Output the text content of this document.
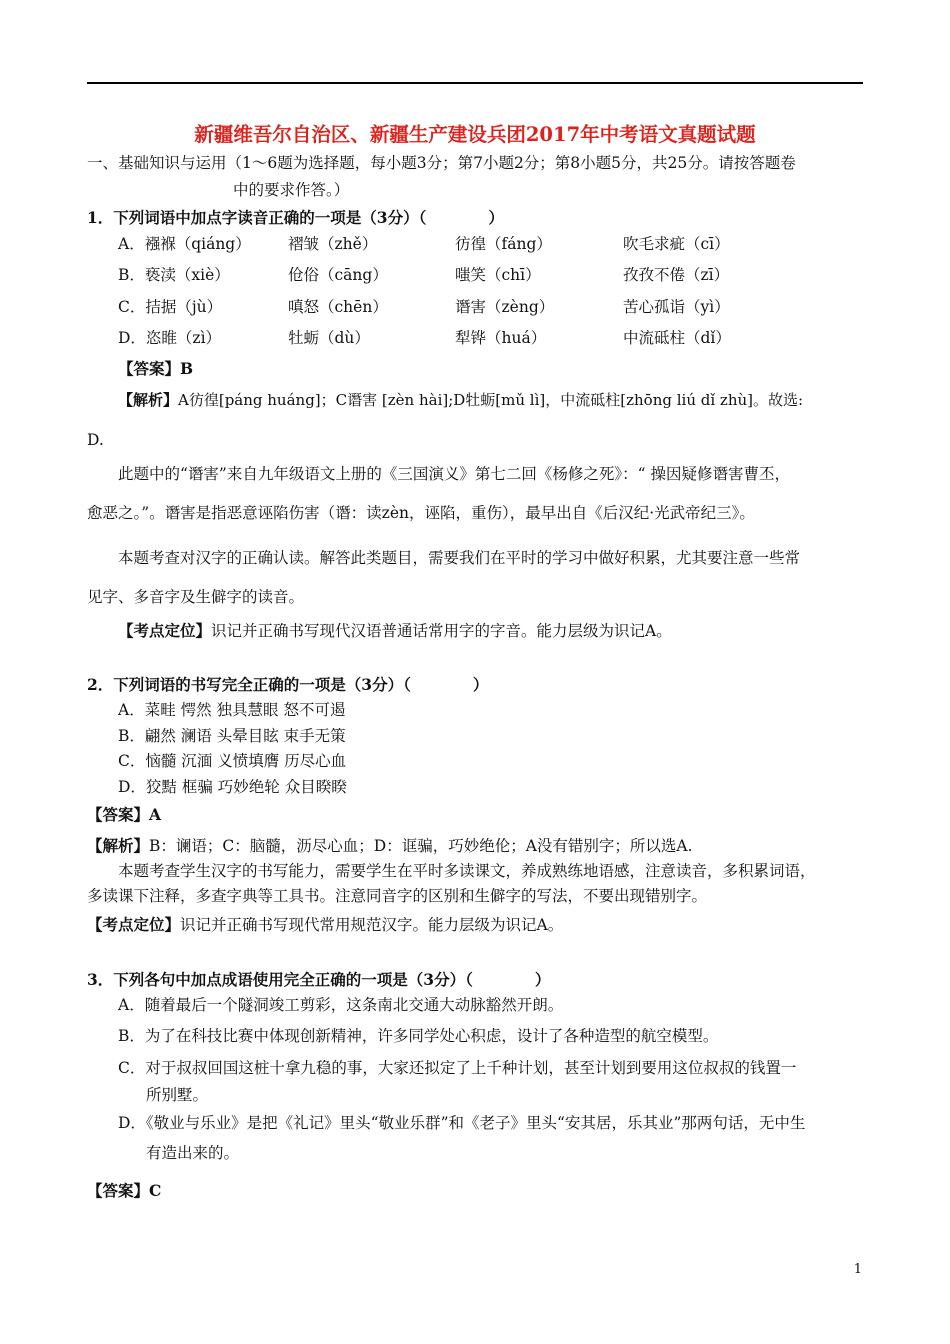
新疆维吾尔自治区、新疆生产建设兵团2017年中考语文真题试题
一、基础知识与运用（1～6题为选择题，每小题3分；第7小题2分；第8小题5分，共25分。请按答题卷
中的要求作答。）
1．下列词语中加点字读音正确的一项是（3分）（　　　　）
A．襁褓（qiáng） 褶皱（zhě）	彷徨（fáng）	吹毛求疵（cī）
B．亵渎（xiè）	伧俗（cāng）	嗤笑（chī）	孜孜不倦（zī）
C．拮据（jù）	嗔怒（chēn）	谮害（zèng）	苦心孤诣（yì）
D．恣睢（zì）	牡蛎（dù）	犁铧（huá）	中流砥柱（dǐ）
【答案】B
【解析】A彷徨[páng huáng]；C谮害 [zèn hài];D牡蛎[mǔ lì]，中流砥柱[zhōng liú dǐ zhù]。故选:
D.
此题中的“谮害”来自九年级语文上册的《三国演义》第七二回《杨修之死》：“ 操因疑修谮害曹丕，
愈恶之。”。谮害是指恶意诬陷伤害（谮：读zèn，诬陷，重伤），最早出自《后汉纪·光武帝纪三》。
本题考查对汉字的正确认读。解答此类题目，需要我们在平时的学习中做好积累，尤其要注意一些常
见字、多音字及生僻字的读音。
【考点定位】识记并正确书写现代汉语普通话常用字的字音。能力层级为识记A。
2．下列词语的书写完全正确的一项是（3分）（　　　　）
A．菜畦 愕然 独具慧眼 怒不可遏
B．翩然 澜语 头晕目眩 束手无策
C．恼髓 沉湎 义愤填膺 历尽心血
D．狡黠 框骗 巧妙绝轮 众目睽睽
【答案】A
【解析】B：谰语；C：脑髓，沥尽心血；D：诓骗，巧妙绝伦；A没有错别字；所以选A.
本题考查学生汉字的书写能力，需要学生在平时多读课文，养成熟练地语感，注意读音，多积累词语，
多读课下注释，多查字典等工具书。注意同音字的区别和生僻字的写法，不要出现错别字。
【考点定位】识记并正确书写现代常用规范汉字。能力层级为识记A。
3．下列各句中加点成语使用完全正确的一项是（3分）（　　　　）
A．随着最后一个隧洞竣工剪彩，这条南北交通大动脉豁然开朗。
B．为了在科技比赛中体现创新精神，许多同学处心积虑，设计了各种造型的航空模型。
C．对于叔叔回国这桩十拿九稳的事，大家还拟定了上千种计划，甚至计划到要用这位叔叔的钱置一
所别墅。
D．《敬业与乐业》是把《礼记》里头“敬业乐群”和《老子》里头“安其居，乐其业”那两句话，无中生
有造出来的。
【答案】C
1
